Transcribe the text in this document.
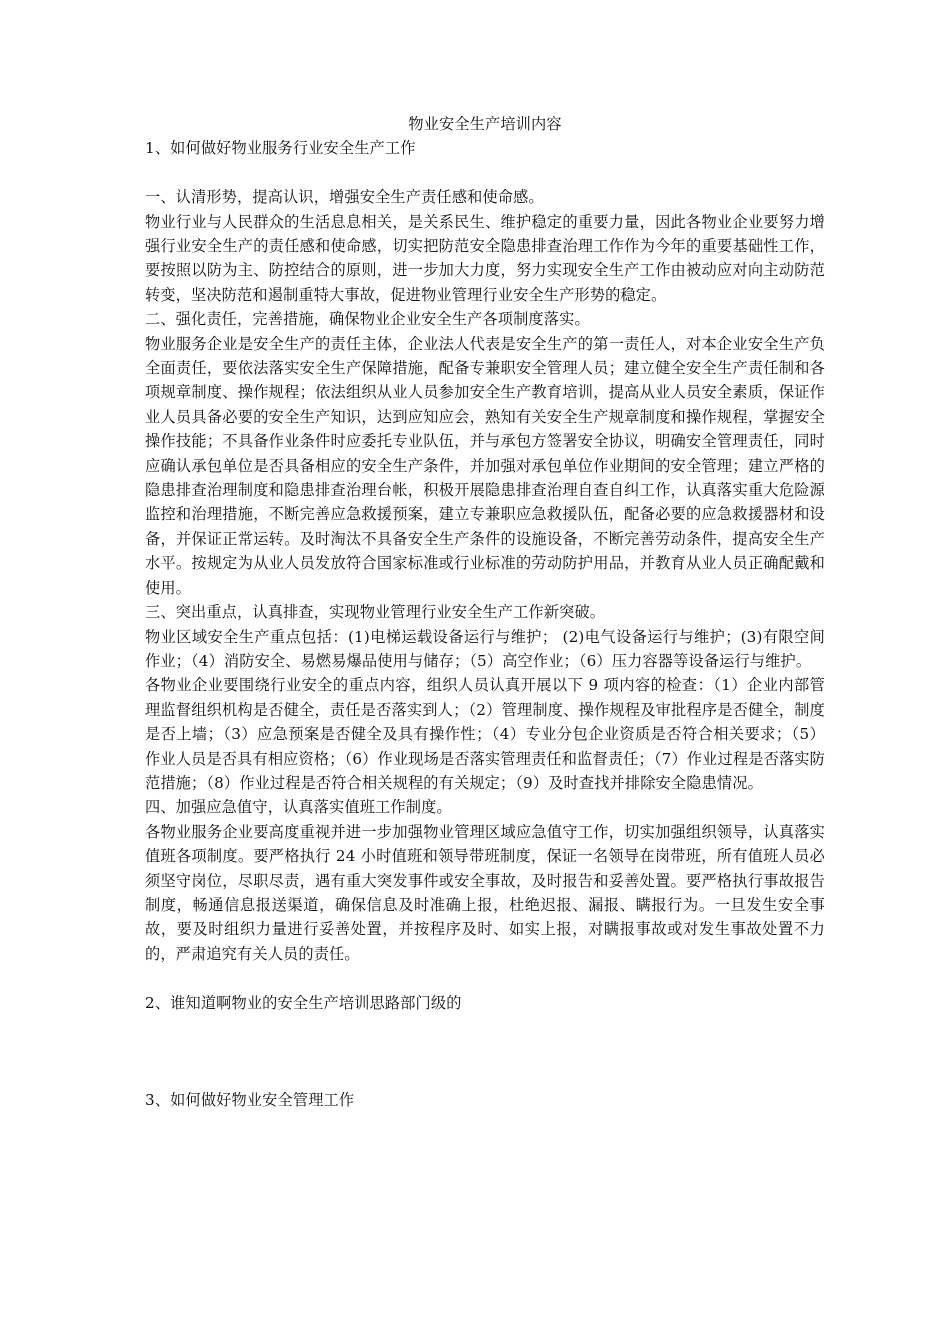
物业安全生产培训内容

1、如何做好物业服务行业安全生产工作

一、认清形势，提高认识，增强安全生产责任感和使命感。

物业行业与人民群众的生活息息相关，是关系民生、维护稳定的重要力量，因此各物业企业要努力增强行业安全生产的责任感和使命感，切实把防范安全隐患排查治理工作作为今年的重要基础性工作，要按照以防为主、防控结合的原则，进一步加大力度，努力实现安全生产工作由被动应对向主动防范转变，坚决防范和遏制重特大事故，促进物业管理行业安全生产形势的稳定。

二、强化责任，完善措施，确保物业企业安全生产各项制度落实。

物业服务企业是安全生产的责任主体，企业法人代表是安全生产的第一责任人，对本企业安全生产负全面责任，要依法落实安全生产保障措施，配备专兼职安全管理人员；建立健全安全生产责任制和各项规章制度、操作规程；依法组织从业人员参加安全生产教育培训，提高从业人员安全素质，保证作业人员具备必要的安全生产知识，达到应知应会，熟知有关安全生产规章制度和操作规程，掌握安全操作技能；不具备作业条件时应委托专业队伍，并与承包方签署安全协议，明确安全管理责任，同时应确认承包单位是否具备相应的安全生产条件，并加强对承包单位作业期间的安全管理；建立严格的隐患排查治理制度和隐患排查治理台帐，积极开展隐患排查治理自查自纠工作，认真落实重大危险源监控和治理措施，不断完善应急救援预案，建立专兼职应急救援队伍，配备必要的应急救援器材和设备，并保证正常运转。及时淘汰不具备安全生产条件的设施设备，不断完善劳动条件，提高安全生产水平。按规定为从业人员发放符合国家标准或行业标准的劳动防护用品，并教育从业人员正确配戴和使用。

三、突出重点，认真排查，实现物业管理行业安全生产工作新突破。

物业区域安全生产重点包括：(1)电梯运载设备运行与维护； (2)电气设备运行与维护；(3)有限空间作业；（4）消防安全、易燃易爆品使用与储存；（5）高空作业；（6）压力容器等设备运行与维护。

各物业企业要围绕行业安全的重点内容，组织人员认真开展以下 9 项内容的检查：（1）企业内部管理监督组织机构是否健全，责任是否落实到人；（2）管理制度、操作规程及审批程序是否健全，制度是否上墙；（3）应急预案是否健全及具有操作性；（4）专业分包企业资质是否符合相关要求；（5）作业人员是否具有相应资格；（6）作业现场是否落实管理责任和监督责任；（7）作业过程是否落实防范措施；（8）作业过程是否符合相关规程的有关规定；（9）及时查找并排除安全隐患情况。

四、加强应急值守，认真落实值班工作制度。

各物业服务企业要高度重视并进一步加强物业管理区域应急值守工作，切实加强组织领导，认真落实值班各项制度。要严格执行 24 小时值班和领导带班制度，保证一名领导在岗带班，所有值班人员必须坚守岗位，尽职尽责，遇有重大突发事件或安全事故，及时报告和妥善处置。要严格执行事故报告制度，畅通信息报送渠道，确保信息及时准确上报，杜绝迟报、漏报、瞒报行为。一旦发生安全事故，要及时组织力量进行妥善处置，并按程序及时、如实上报，对瞒报事故或对发生事故处置不力的，严肃追究有关人员的责任。

2、谁知道啊物业的安全生产培训思路部门级的

3、如何做好物业安全管理工作
